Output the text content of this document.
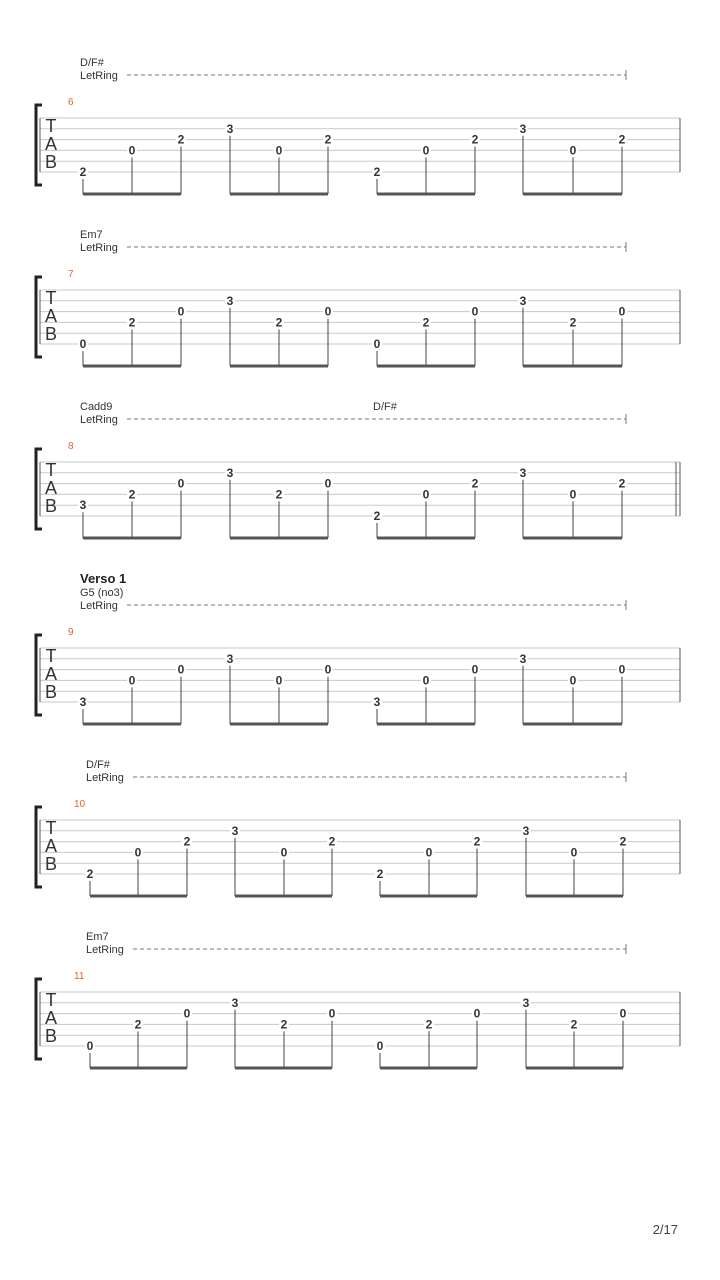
D/F#
LetRing
6
T
A
B 2
0
2
3
0
2
2
0
2
3
0
2
Em7
LetRing
7
T
A
B 0
2
0
3
2
0
0
2
0
3
2
0
Cadd9	D/F#
LetRing
8
T
A
B 3
2
0
3
2
0
2
0
2
3
0
2
Verso 1
G5 (no3)
LetRing
9
T
A
B 3
0
0
3
0
0
3
0
0
3
0
0
D/F#
LetRing
10
T
A
B 2
0
2
3
0
2
2
0
2
3
0
2
Em7
LetRing
11
T
A
B 0
2
0
3
2
0
0
2
0
3
2
0
2/17
